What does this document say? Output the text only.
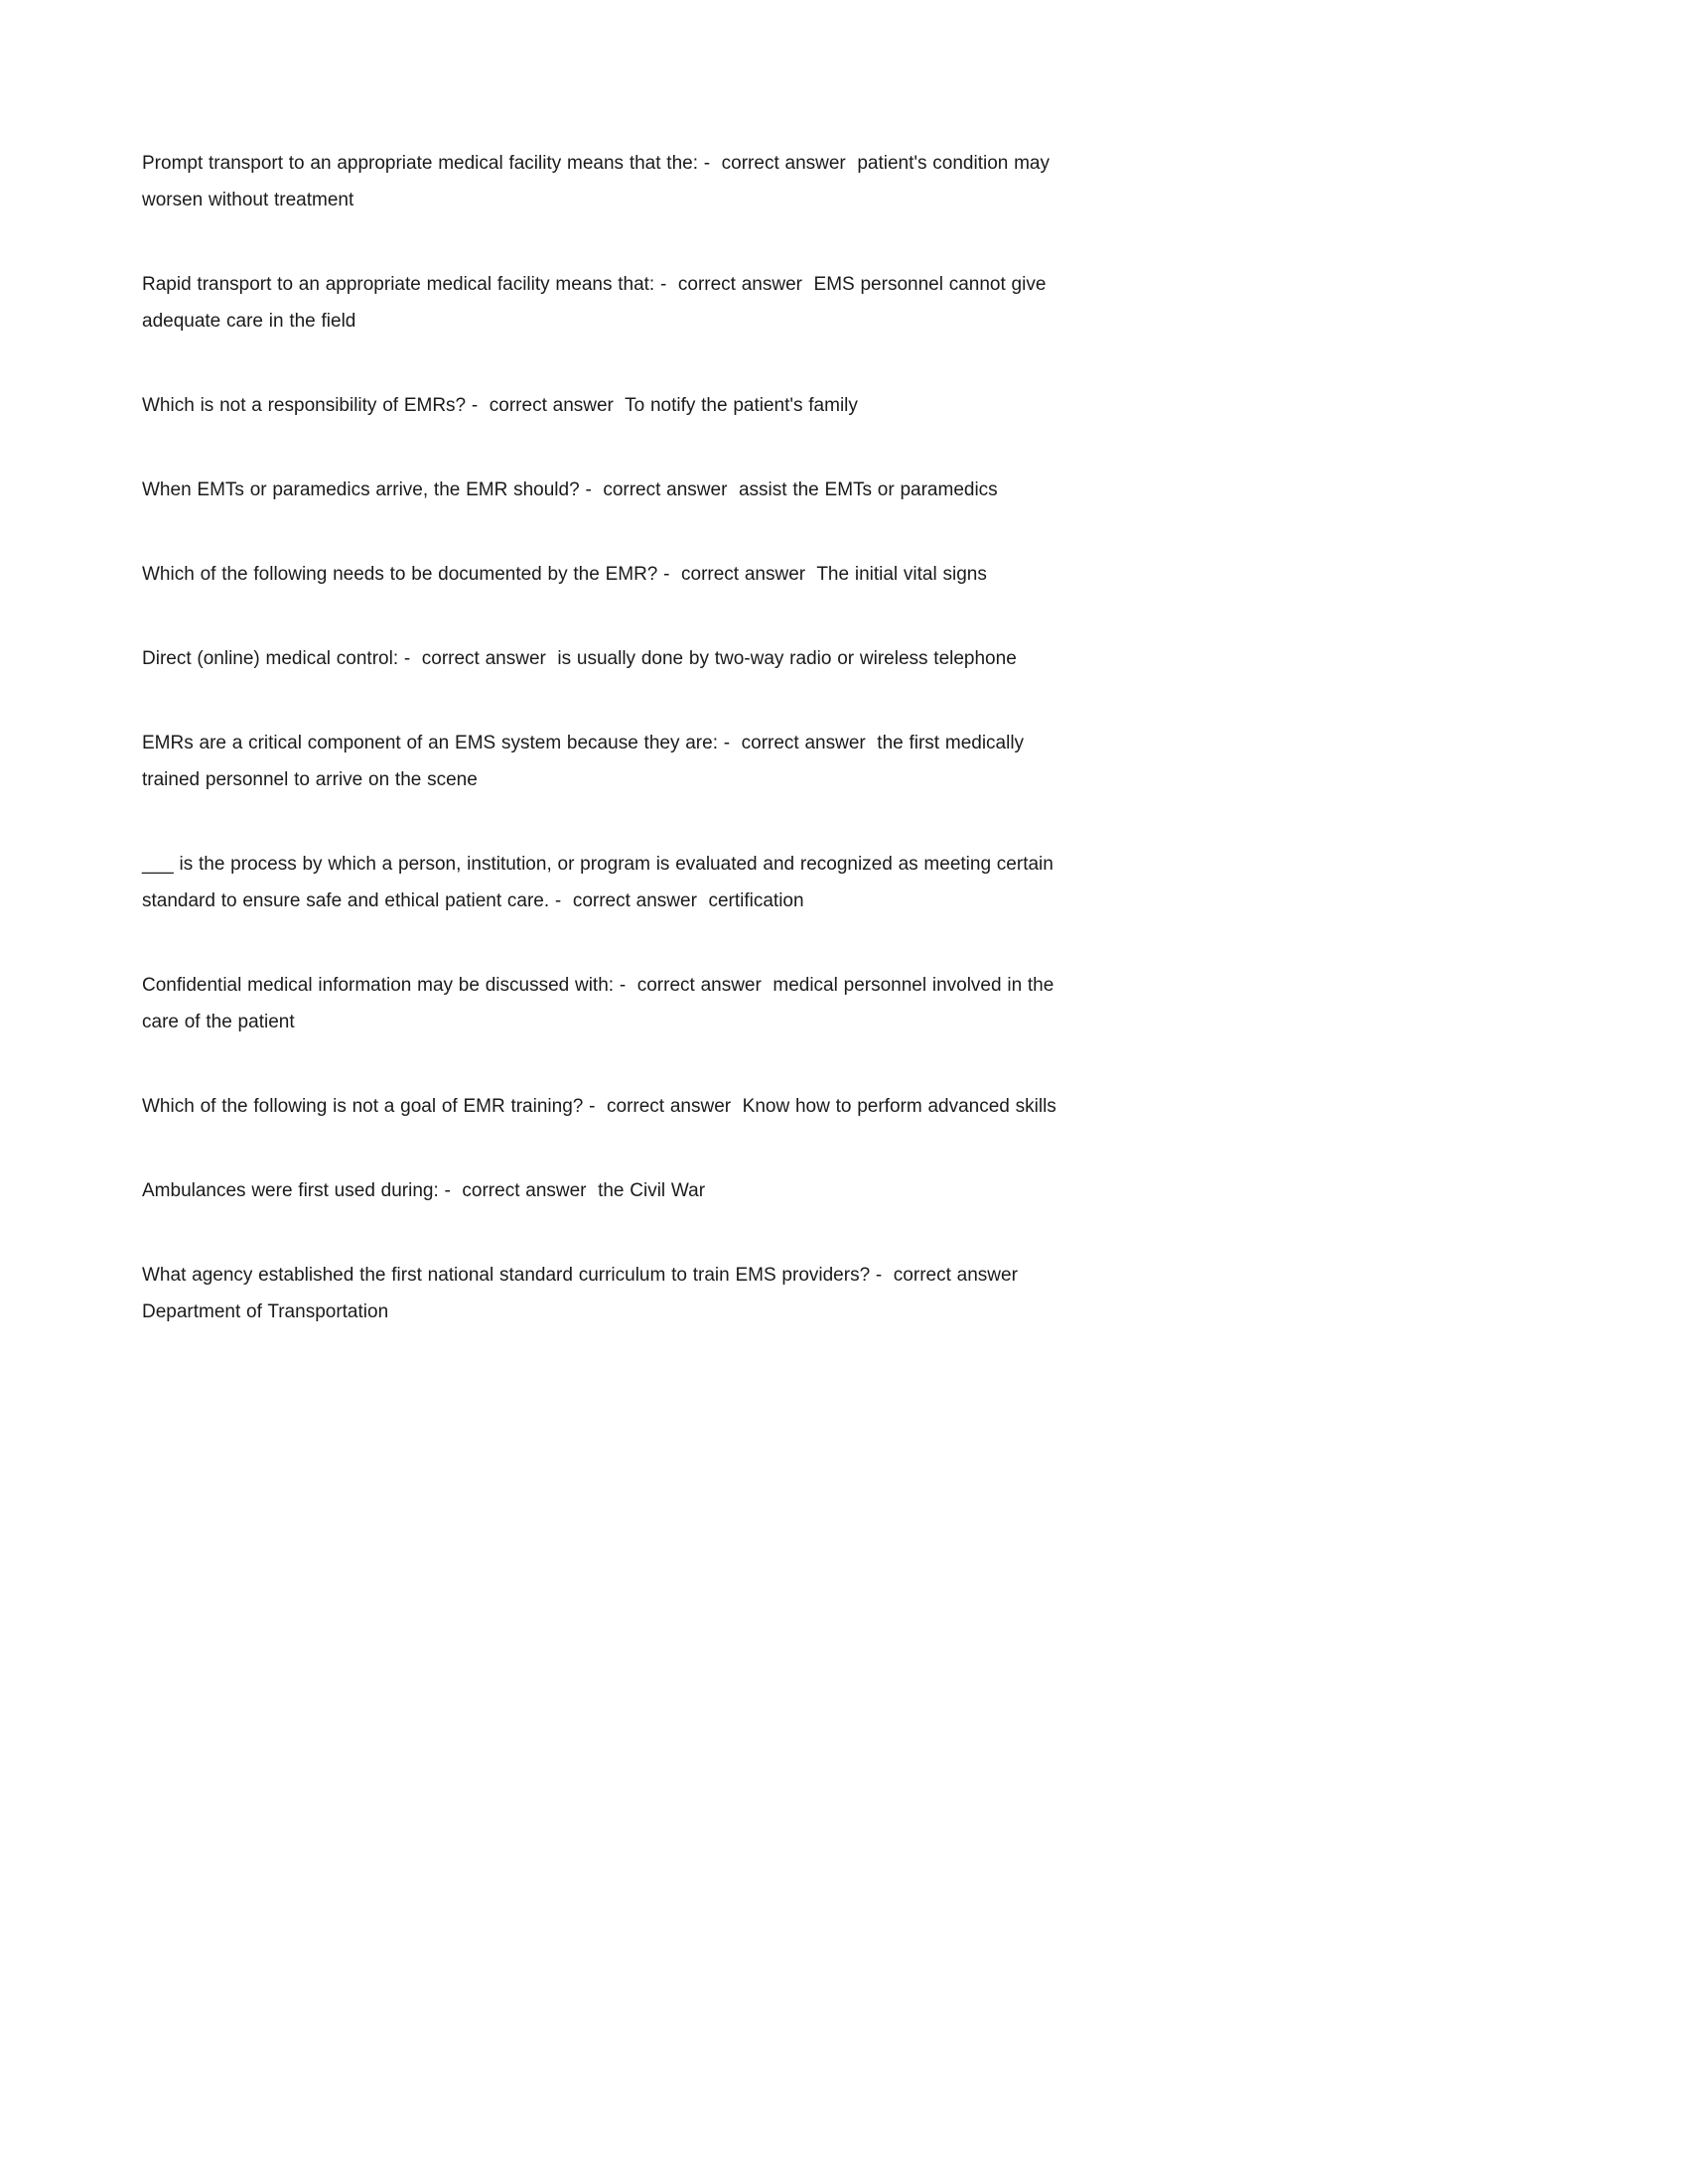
Prompt transport to an appropriate medical facility means that the: -  correct answer  patient's condition may worsen without treatment

Rapid transport to an appropriate medical facility means that: -  correct answer  EMS personnel cannot give adequate care in the field

Which is not a responsibility of EMRs? -  correct answer  To notify the patient's family

When EMTs or paramedics arrive, the EMR should? -  correct answer  assist the EMTs or paramedics

Which of the following needs to be documented by the EMR? -  correct answer  The initial vital signs

Direct (online) medical control: -  correct answer  is usually done by two-way radio or wireless telephone

EMRs are a critical component of an EMS system because they are: -  correct answer  the first medically trained personnel to arrive on the scene

___ is the process by which a person, institution, or program is evaluated and recognized as meeting certain standard to ensure safe and ethical patient care. -  correct answer  certification

Confidential medical information may be discussed with: -  correct answer  medical personnel involved in the care of the patient

Which of the following is not a goal of EMR training? -  correct answer  Know how to perform advanced skills

Ambulances were first used during: -  correct answer  the Civil War

What agency established the first national standard curriculum to train EMS providers? -  correct answer  Department of Transportation
